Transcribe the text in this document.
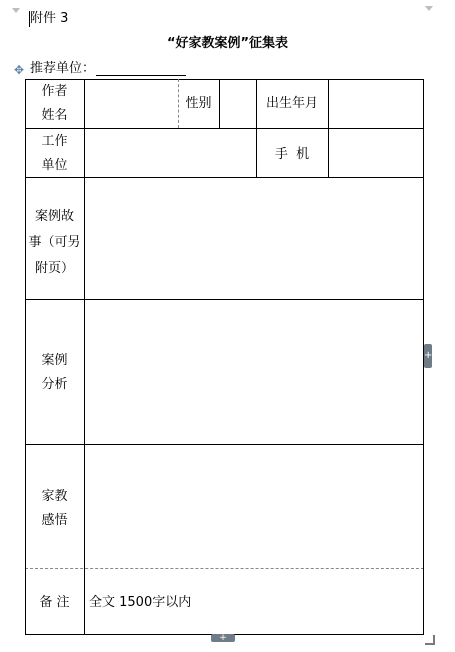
附件 3
“好家教案例”征集表
✥ 推荐单位：
作者
姓名
性别	出生年月
工作
单位
手  机
案例故
事（可另
附页）
案例
分析
家教
感悟
备 注	全文 1500字以内
+
+
